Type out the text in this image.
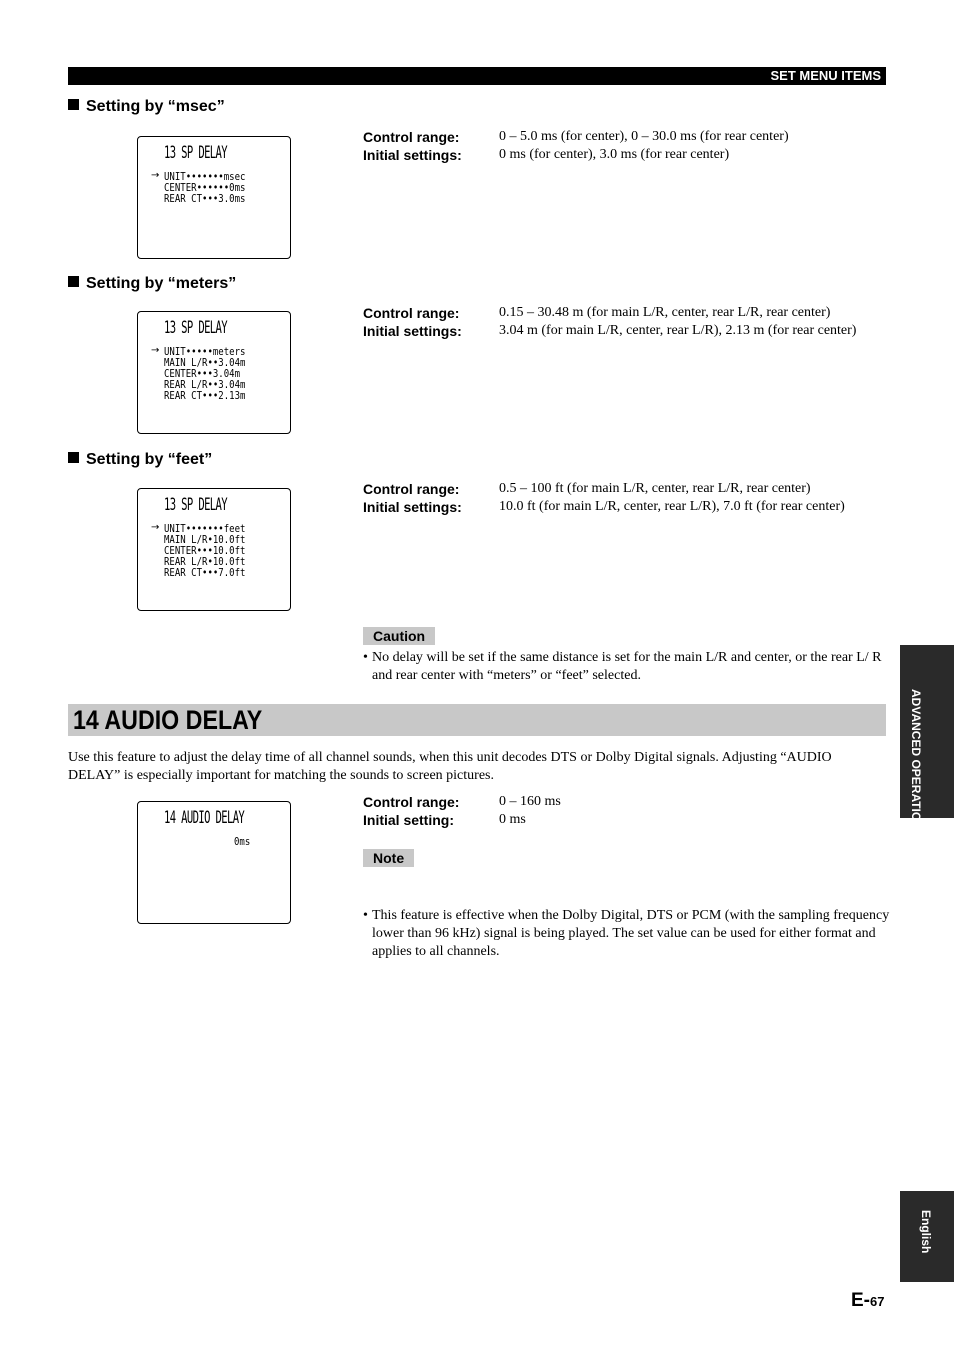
SET MENU ITEMS
Setting by “msec”
13 SP DELAY
→ UNIT•••••••msec
CENTER••••••0ms
REAR CT•••3.0ms
Control range:	0 – 5.0 ms (for center), 0 – 30.0 ms (for rear center)
Initial settings:	0 ms (for center), 3.0 ms (for rear center)
Setting by “meters”
13 SP DELAY
→ UNIT•••••meters
MAIN L/R••3.04m
CENTER•••3.04m
REAR L/R••3.04m
REAR CT•••2.13m
Control range:	0.15 – 30.48 m (for main L/R, center, rear L/R, rear center)
Initial settings:	3.04 m (for main L/R, center, rear L/R), 2.13 m (for rear center)
Setting by “feet”
13 SP DELAY
→ UNIT•••••••feet
MAIN L/R•10.0ft
CENTER•••10.0ft
REAR L/R•10.0ft
REAR CT•••7.0ft
Control range:	0.5 – 100 ft (for main L/R, center, rear L/R, rear center)
Initial settings:	10.0 ft (for main L/R, center, rear L/R), 7.0 ft (for rear center)
Caution
• No delay will be set if the same distance is set for the main L/R and center, or the rear L/ R and rear center with “meters” or “feet” selected.
14 AUDIO DELAY
Use this feature to adjust the delay time of all channel sounds, when this unit decodes DTS or Dolby Digital signals. Adjusting “AUDIO DELAY” is especially important for matching the sounds to screen pictures.
14 AUDIO DELAY
0ms
Control range:	0 – 160 ms
Initial setting:	0 ms
Note
• This feature is effective when the Dolby Digital, DTS or PCM (with the sampling frequency lower than 96 kHz) signal is being played. The set value can be used for either format and applies to all channels.
ADVANCED OPERATION
English
E-67
